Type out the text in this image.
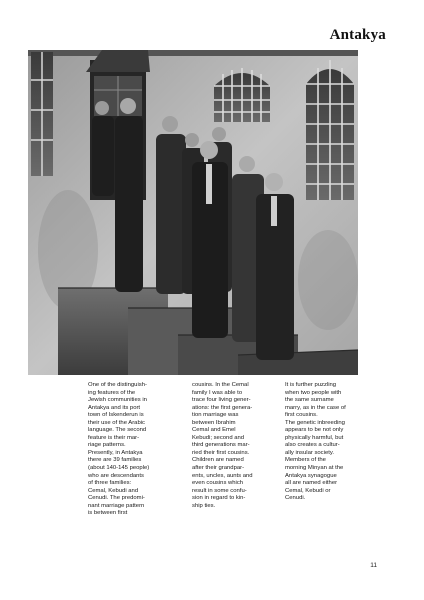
Antakya

One of the distinguish-

ing features of the

Jewish communities in

Antakya and its port

town of Iskenderun is

their use of the Arabic

language. The second

feature is their mar-

riage patterns.

Presently, in Antakya

there are 39 families

(about 140-145 people)

who are descendants

of three families:

Cemal, Kebudi and

Cenudi. The predomi-

nant marriage pattern

is between first

cousins. In the Cemal

family I was able to

trace four living gener-

ations: the first genera-

tion marriage was

between Ibrahim

Cemal and Emel

Kebudi; second and

third generations mar-

ried their first cousins.

Children are named

after their grandpar-

ents, uncles, aunts and

even cousins which

result in some confu-

sion in regard to kin-

ship ties.

It is further puzzling

when two people with

the same surname

marry, as in the case of

first cousins.

The genetic inbreeding

appears to be not only

physically harmful, but

also creates a cultur-

ally insular society.

Members of the

morning Minyan at the

Antakya synagogue

all are named either

Cemal, Kebudi or

Cenudi.

11
